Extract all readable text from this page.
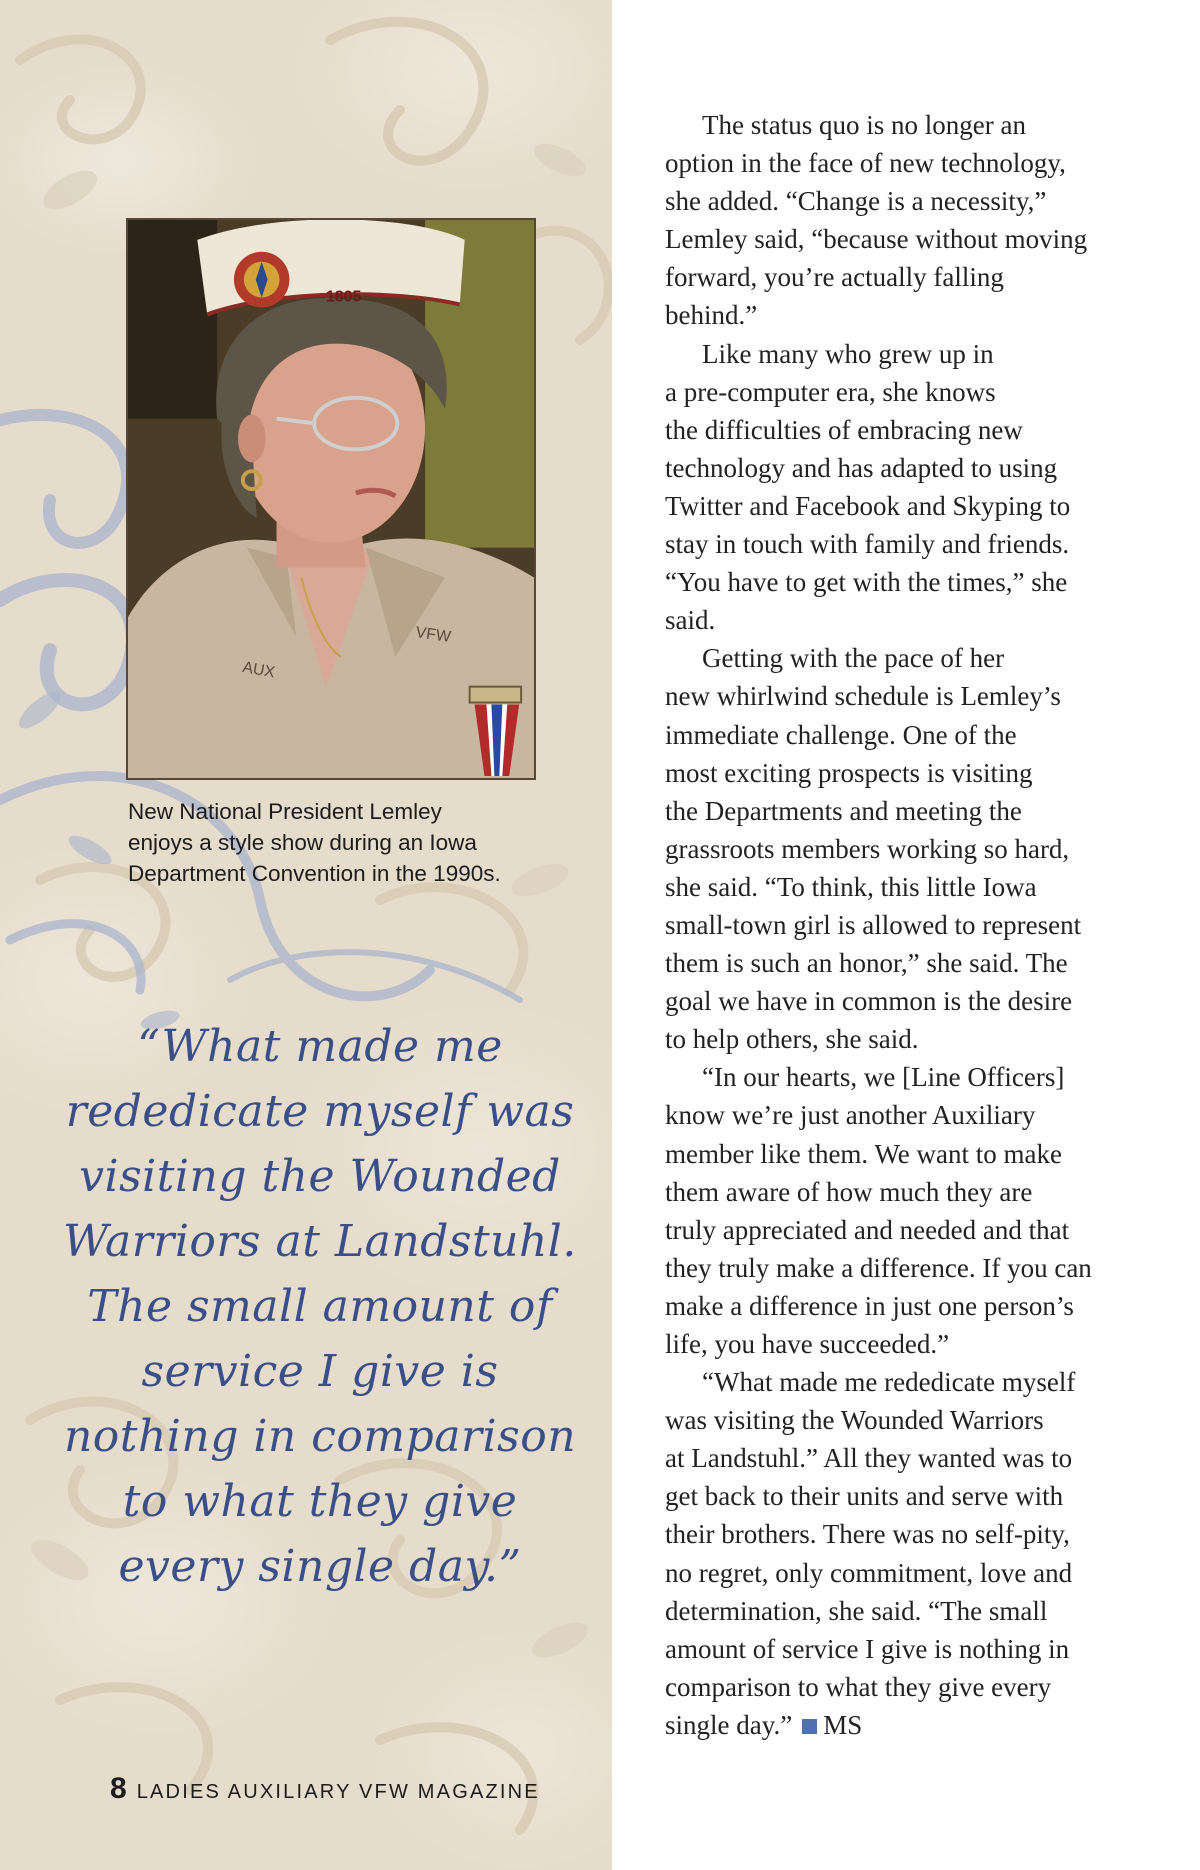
1805
AUX
VFW
New National President Lemley
enjoys a style show during an Iowa
Department Convention in the 1990s.
“What made me
rededicate myself was
visiting the Wounded
Warriors at Landstuhl.
The small amount of
service I give is
nothing in comparison
to what they give
every single day.”
8 LADIES AUXILIARY VFW MAGAZINE
The status quo is no longer an
option in the face of new technology,
she added. “Change is a necessity,”
Lemley said, “because without moving
forward, you’re actually falling
behind.”
Like many who grew up in
a pre-computer era, she knows
the difficulties of embracing new
technology and has adapted to using
Twitter and Facebook and Skyping to
stay in touch with family and friends.
“You have to get with the times,” she
said.
Getting with the pace of her
new whirlwind schedule is Lemley’s
immediate challenge. One of the
most exciting prospects is visiting
the Departments and meeting the
grassroots members working so hard,
she said. “To think, this little Iowa
small-town girl is allowed to represent
them is such an honor,” she said. The
goal we have in common is the desire
to help others, she said.
“In our hearts, we [Line Officers]
know we’re just another Auxiliary
member like them. We want to make
them aware of how much they are
truly appreciated and needed and that
they truly make a difference. If you can
make a difference in just one person’s
life, you have succeeded.”
“What made me rededicate myself
was visiting the Wounded Warriors
at Landstuhl.” All they wanted was to
get back to their units and serve with
their brothers. There was no self-pity,
no regret, only commitment, love and
determination, she said. “The small
amount of service I give is nothing in
comparison to what they give every
single day.” MS
